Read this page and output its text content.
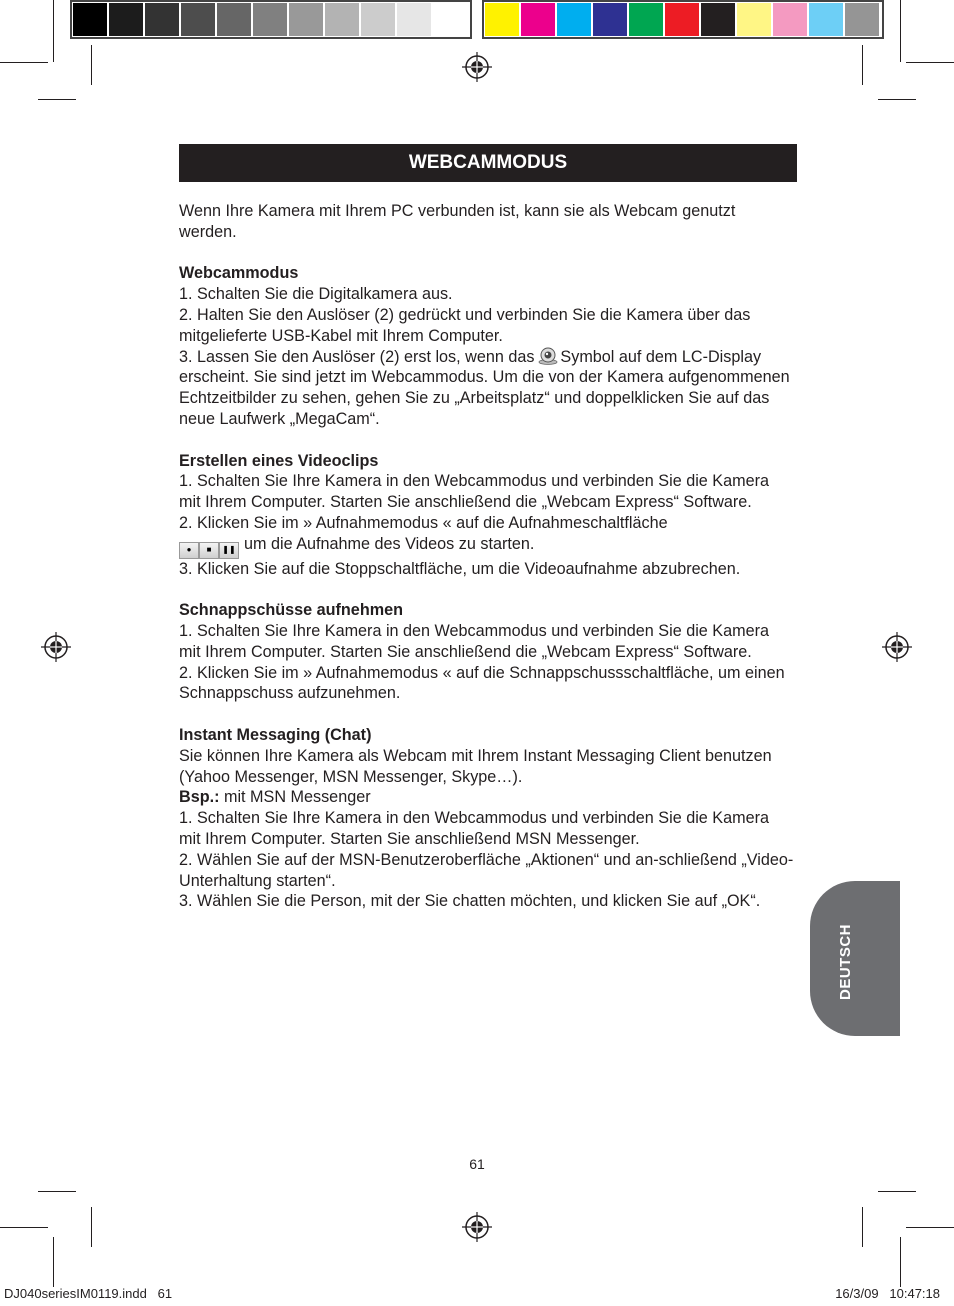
WEBCAMMODUS

Wenn Ihre Kamera mit Ihrem PC verbunden ist, kann sie als Webcam genutzt werden.

Webcammodus

1. Schalten Sie die Digitalkamera aus.

2. Halten Sie den Auslöser (2) gedrückt und verbinden Sie die Kamera über das mitgelieferte USB-Kabel mit Ihrem Computer.

3. Lassen Sie den Auslöser (2) erst los, wenn das Symbol auf dem LC-Display erscheint. Sie sind jetzt im Webcammodus. Um die von der Kamera aufgenommenen Echtzeitbilder zu sehen, gehen Sie zu „Arbeitsplatz“ und doppelklicken Sie auf das neue Laufwerk „MegaCam“.

Erstellen eines Videoclips

1. Schalten Sie Ihre Kamera in den Webcammodus und verbinden Sie die Kamera mit Ihrem Computer. Starten Sie anschließend die „Webcam Express“ Software.

2. Klicken Sie im » Aufnahmemodus « auf die Aufnahmeschaltfläche

●	■	❚❚ um die Aufnahme des Videos zu starten.

3. Klicken Sie auf die Stoppschaltfläche, um die Videoaufnahme abzubrechen.

Schnappschüsse aufnehmen

1. Schalten Sie Ihre Kamera in den Webcammodus und verbinden Sie die Kamera mit Ihrem Computer. Starten Sie anschließend die „Webcam Express“ Software.

2. Klicken Sie im » Aufnahmemodus « auf die Schnappschussschaltfläche, um einen Schnappschuss aufzunehmen.

Instant Messaging (Chat)

Sie können Ihre Kamera als Webcam mit Ihrem Instant Messaging Client benutzen (Yahoo Messenger, MSN Messenger, Skype…).

Bsp.: mit MSN Messenger

1. Schalten Sie Ihre Kamera in den Webcammodus und verbinden Sie die Kamera mit Ihrem Computer. Starten Sie anschließend MSN Messenger.

2. Wählen Sie auf der MSN-Benutzeroberfläche „Aktionen“ und an-schließend „Video-Unterhaltung starten“.

3. Wählen Sie die Person, mit der Sie chatten möchten, und klicken Sie auf „OK“.

DEUTSCH
61
DJ040seriesIM0119.indd   61	16/3/09   10:47:18
